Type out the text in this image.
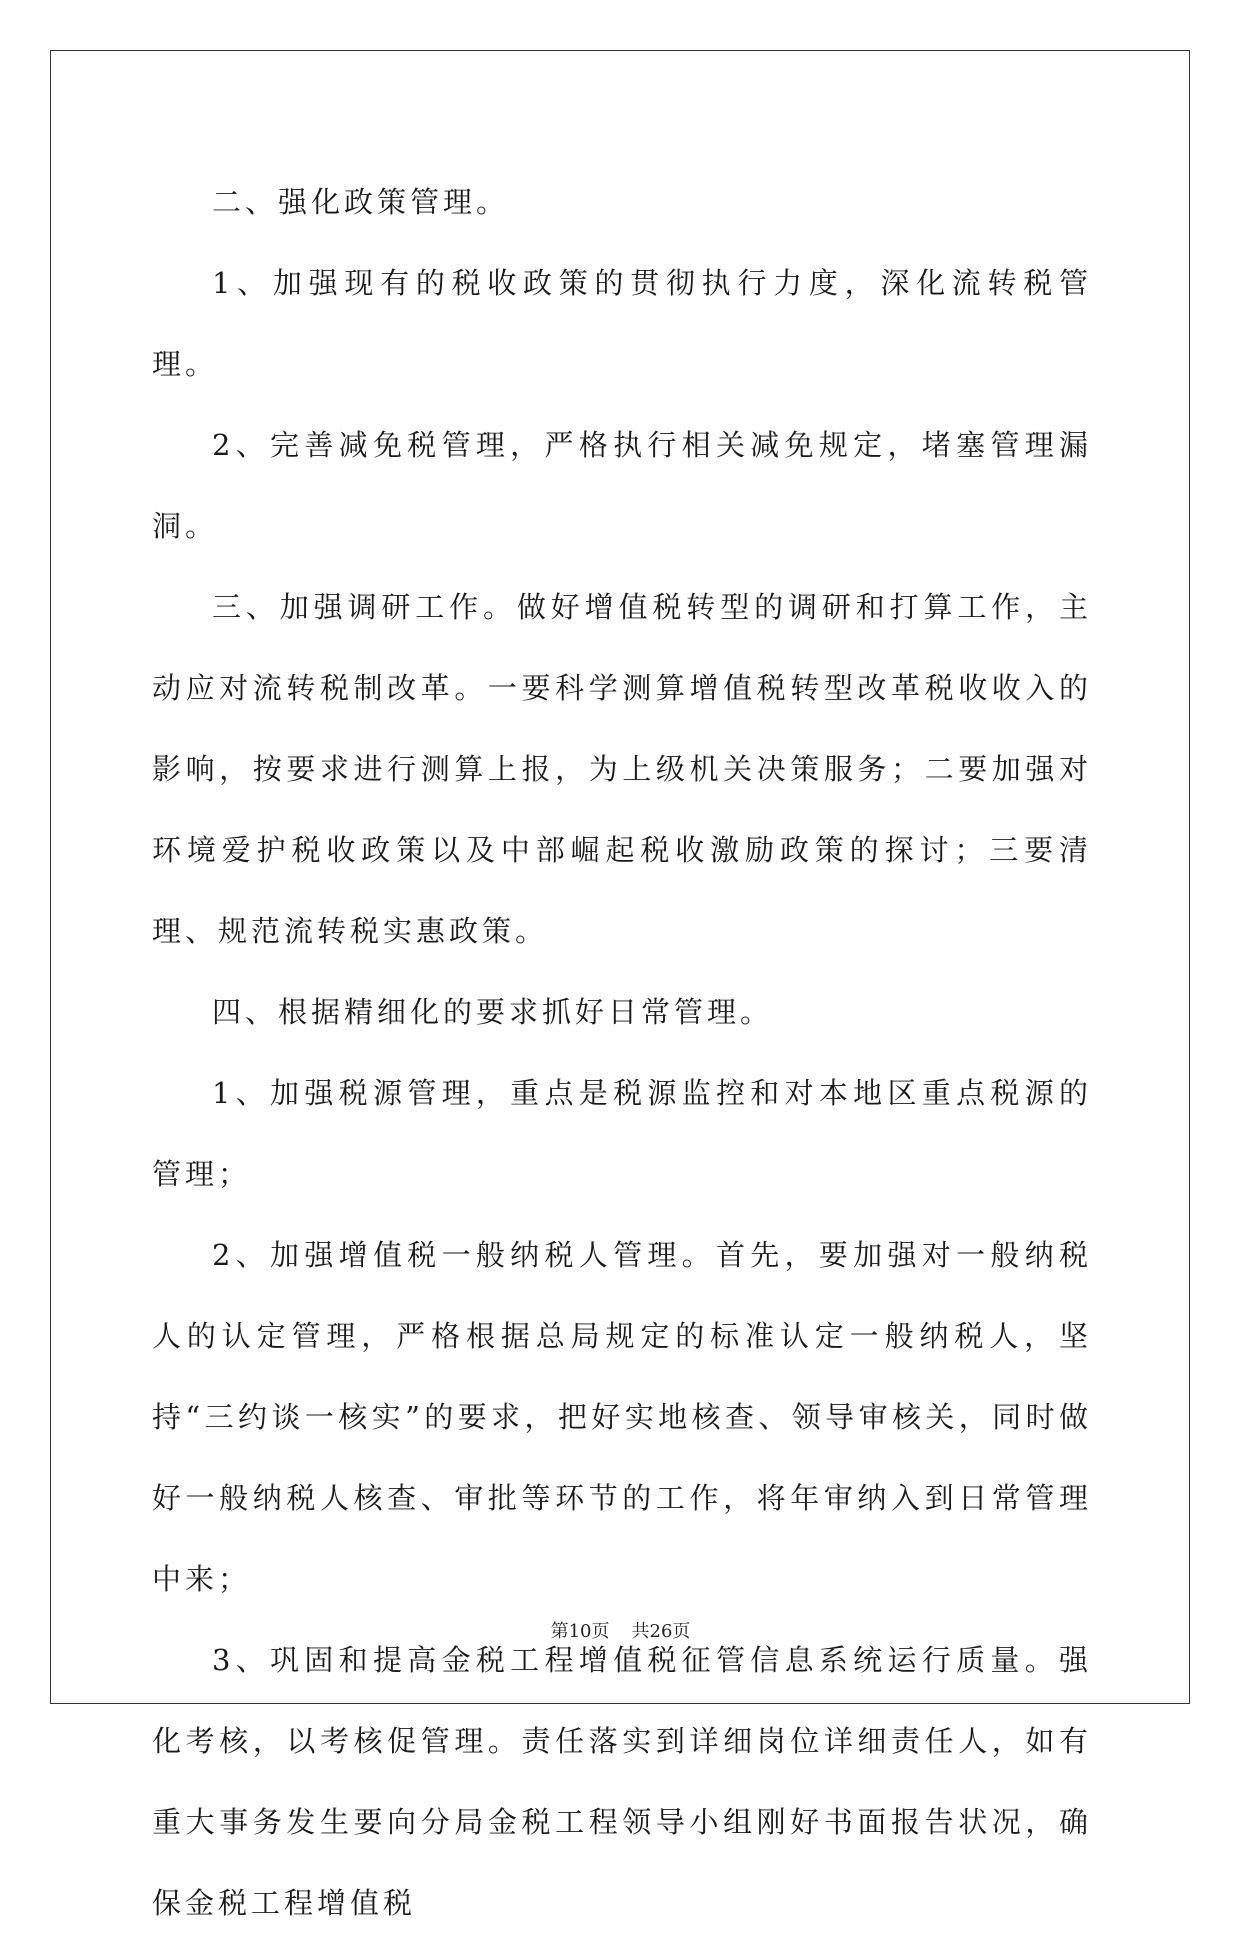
二、强化政策管理。

1、加强现有的税收政策的贯彻执行力度，深化流转税管理。

2、完善减免税管理，严格执行相关减免规定，堵塞管理漏洞。

三、加强调研工作。做好增值税转型的调研和打算工作，主动应对流转税制改革。一要科学测算增值税转型改革税收收入的影响，按要求进行测算上报，为上级机关决策服务；二要加强对环境爱护税收政策以及中部崛起税收激励政策的探讨；三要清理、规范流转税实惠政策。

四、根据精细化的要求抓好日常管理。

1、加强税源管理，重点是税源监控和对本地区重点税源的管理；

2、加强增值税一般纳税人管理。首先，要加强对一般纳税人的认定管理，严格根据总局规定的标准认定一般纳税人，坚持“三约谈一核实”的要求，把好实地核查、领导审核关，同时做好一般纳税人核查、审批等环节的工作，将年审纳入到日常管理中来；

3、巩固和提高金税工程增值税征管信息系统运行质量。强化考核，以考核促管理。责任落实到详细岗位详细责任人，如有重大事务发生要向分局金税工程领导小组刚好书面报告状况，确保金税工程增值税

第10页 共26页
